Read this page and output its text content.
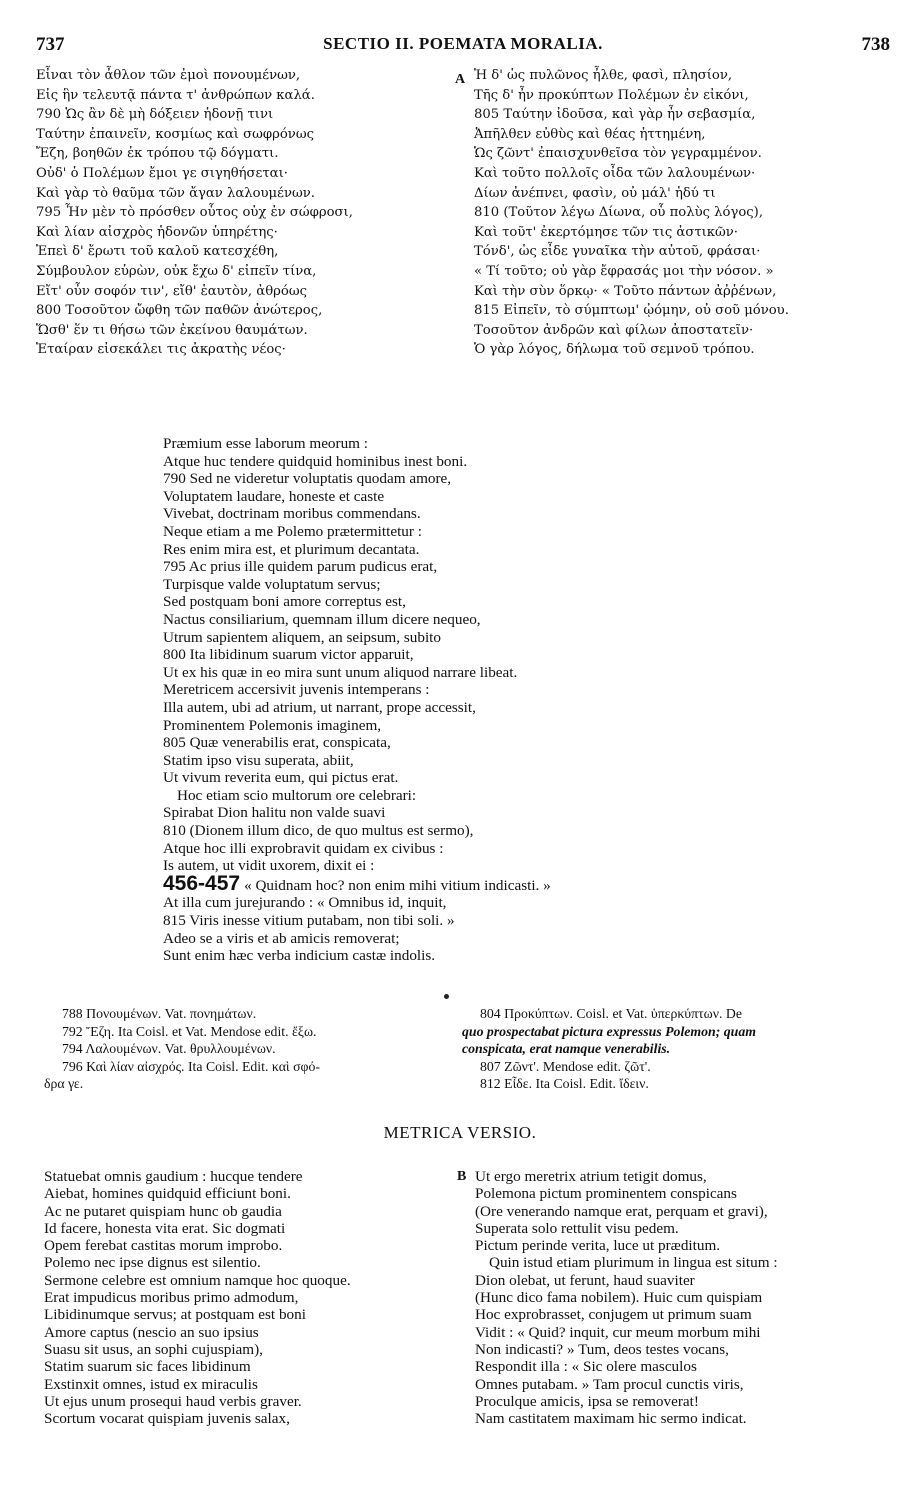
737	SECTIO II. POEMATA MORALIA.	738
Εἶναι τὸν ἆθλον τῶν ἐμοὶ πονουμένων,
Εἰς ἣν τελευτᾷ πάντα τ' ἀνθρώπων καλά.
790 Ὡς ἂν δὲ μὴ δόξειεν ἡδονῇ τινι
Ταύτην ἐπαινεῖν, κοσμίως καὶ σωφρόνως
Ἔζη, βοηθῶν ἐκ τρόπου τῷ δόγματι.
Οὐδ' ὁ Πολέμων ἔμοι γε σιγηθήσεται·
Καὶ γὰρ τὸ θαῦμα τῶν ἄγαν λαλουμένων.
795 Ἦν μὲν τὸ πρόσθεν οὗτος οὐχ ἐν σώφροσι,
Καὶ λίαν αἰσχρὸς ἡδονῶν ὑπηρέτης·
Ἐπεὶ δ' ἔρωτι τοῦ καλοῦ κατεσχέθη,
Σύμβουλον εὑρὼν, οὐκ ἔχω δ' εἰπεῖν τίνα,
Εἴτ' οὖν σοφόν τιν', εἴθ' ἑαυτὸν, ἀθρόως
800 Τοσοῦτον ὤφθη τῶν παθῶν ἀνώτερος,
Ὥσθ' ἕν τι θήσω τῶν ἐκείνου θαυμάτων.
Ἑταίραν εἰσεκάλει τις ἀκρατὴς νέος·
A Ἡ δ' ὡς πυλῶνος ἦλθε, φασὶ, πλησίον,
Τῆς δ' ἦν προκύπτων Πολέμων ἐν εἰκόνι,
805 Ταύτην ἰδοῦσα, καὶ γὰρ ἦν σεβασμία,
Ἀπῆλθεν εὐθὺς καὶ θέας ἡττημένη,
Ὡς ζῶντ' ἐπαισχυνθεῖσα τὸν γεγραμμένον.
Καὶ τοῦτο πολλοῖς οἶδα τῶν λαλουμένων·
Δίων ἀνέπνει, φασὶν, οὐ μάλ' ἡδύ τι
810 (Τοῦτον λέγω Δίωνα, οὗ πολὺς λόγος),
Καὶ τοῦτ' ἐκερτόμησε τῶν τις ἀστικῶν·
Τόνδ', ὡς εἶδε γυναῖκα τὴν αὐτοῦ, φράσαι·
« Τί τοῦτο; οὐ γὰρ ἔφρασάς μοι τὴν νόσον. »
Καὶ τὴν σὺν ὅρκῳ· « Τοῦτο πάντων ἀῤῥένων,
815 Εἰπεῖν, τὸ σύμπτωμ' ᾠόμην, οὐ σοῦ μόνου.
Τοσοῦτον ἀνδρῶν καὶ φίλων ἀποστατεῖν·
Ὁ γὰρ λόγος, δήλωμα τοῦ σεμνοῦ τρόπου.
Præmium esse laborum meorum :
Atque huc tendere quidquid hominibus inest boni.
790 Sed ne videretur voluptatis quodam amore,
Voluptatem laudare, honeste et caste
Vivebat, doctrinam moribus commendans.
Neque etiam a me Polemo prætermittetur :
Res enim mira est, et plurimum decantata.
795 Ac prius ille quidem parum pudicus erat,
Turpisque valde voluptatum servus;
Sed postquam boni amore correptus est,
Nactus consiliarium, quemnam illum dicere nequeo,
Utrum sapientem aliquem, an seipsum, subito
800 Ita libidinum suarum victor apparuit,
Ut ex his quæ in eo mira sunt unum aliquod narrare libeat.
Meretricem accersivit juvenis intemperans :
Illa autem, ubi ad atrium, ut narrant, prope accessit,
Prominentem Polemonis imaginem,
805 Quæ venerabilis erat, conspicata,
Statim ipso visu superata, abiit,
Ut vivum reverita eum, qui pictus erat.
Hoc etiam scio multorum ore celebrari:
Spirabat Dion halitu non valde suavi
810 (Dionem illum dico, de quo multus est sermo),
Atque hoc illi exprobravit quidam ex civibus :
Is autem, ut vidit uxorem, dixit ei :
456-457 « Quidnam hoc? non enim mihi vitium indicasti. »
At illa cum jurejurando : « Omnibus id, inquit,
815 Viris inesse vitium putabam, non tibi soli. »
Adeo se a viris et ab amicis removerat;
Sunt enim hæc verba indicium castæ indolis.
788 Πονουμένων. Vat. πονημάτων.
792 Ἔζη. Ita Coisl. et Vat. Mendose edit. ἔξω.
794 Λαλουμένων. Vat. θρυλλουμένων.
796 Καὶ λίαν αἰσχρός. Ita Coisl. Edit. καὶ σφό-
δρα γε.
804 Προκύπτων. Coisl. et Vat. ὑπερκύπτων. De
quo prospectabat pictura expressus Polemon; quam
conspicata, erat namque venerabilis.
807 Ζῶντ'. Mendose edit. ζῶτ'.
812 Εἶδε. Ita Coisl. Edit. ἴδειν.
METRICA VERSIO.
Statuebat omnis gaudium : hucque tendere
Aiebat, homines quidquid efficiunt boni.
Ac ne putaret quispiam hunc ob gaudia
Id facere, honesta vita erat. Sic dogmati
Opem ferebat castitas morum improbo.
Polemo nec ipse dignus est silentio.
Sermone celebre est omnium namque hoc quoque.
Erat impudicus moribus primo admodum,
Libidinumque servus; at postquam est boni
Amore captus (nescio an suo ipsius
Suasu sit usus, an sophi cujuspiam),
Statim suarum sic faces libidinum
Exstinxit omnes, istud ex miraculis
Ut ejus unum prosequi haud verbis graver.
Scortum vocarat quispiam juvenis salax,
B Ut ergo meretrix atrium tetigit domus,
Polemona pictum prominentem conspicans
(Ore venerando namque erat, perquam et gravi),
Superata solo rettulit visu pedem.
Pictum perinde verita, luce ut præditum.
Quin istud etiam plurimum in lingua est situm :
Dion olebat, ut ferunt, haud suaviter
(Hunc dico fama nobilem). Huic cum quispiam
Hoc exprobrasset, conjugem ut primum suam
Vidit : « Quid? inquit, cur meum morbum mihi
Non indicasti? » Tum, deos testes vocans,
Respondit illa : « Sic olere masculos
Omnes putabam. » Tam procul cunctis viris,
Proculque amicis, ipsa se removerat!
Nam castitatem maximam hic sermo indicat.
